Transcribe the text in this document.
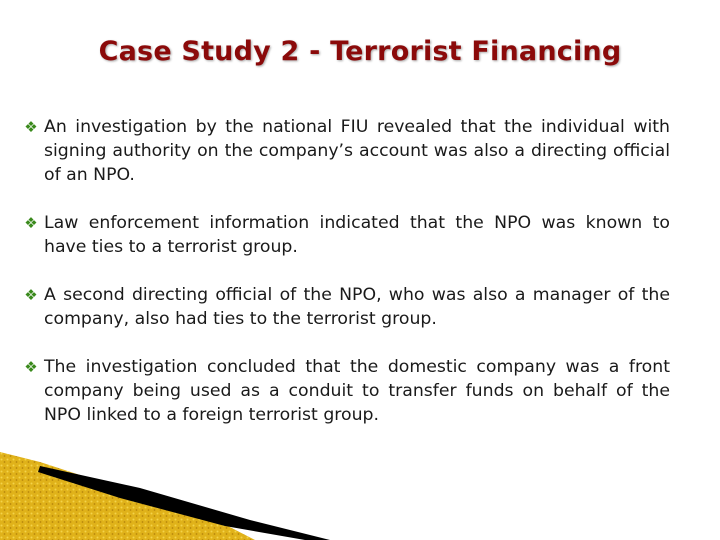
Case Study 2 - Terrorist Financing
❖ An investigation by the national FIU revealed that the individual with signing authority on the company’s account was also a directing official of an NPO.
❖ Law enforcement information indicated that the NPO was known to have ties to a terrorist group.
❖ A second directing official of the NPO, who was also a manager of the company, also had ties to the terrorist group.
❖ The investigation concluded that the domestic company was a front company being used as a conduit to transfer funds on behalf of the NPO linked to a foreign terrorist group.
